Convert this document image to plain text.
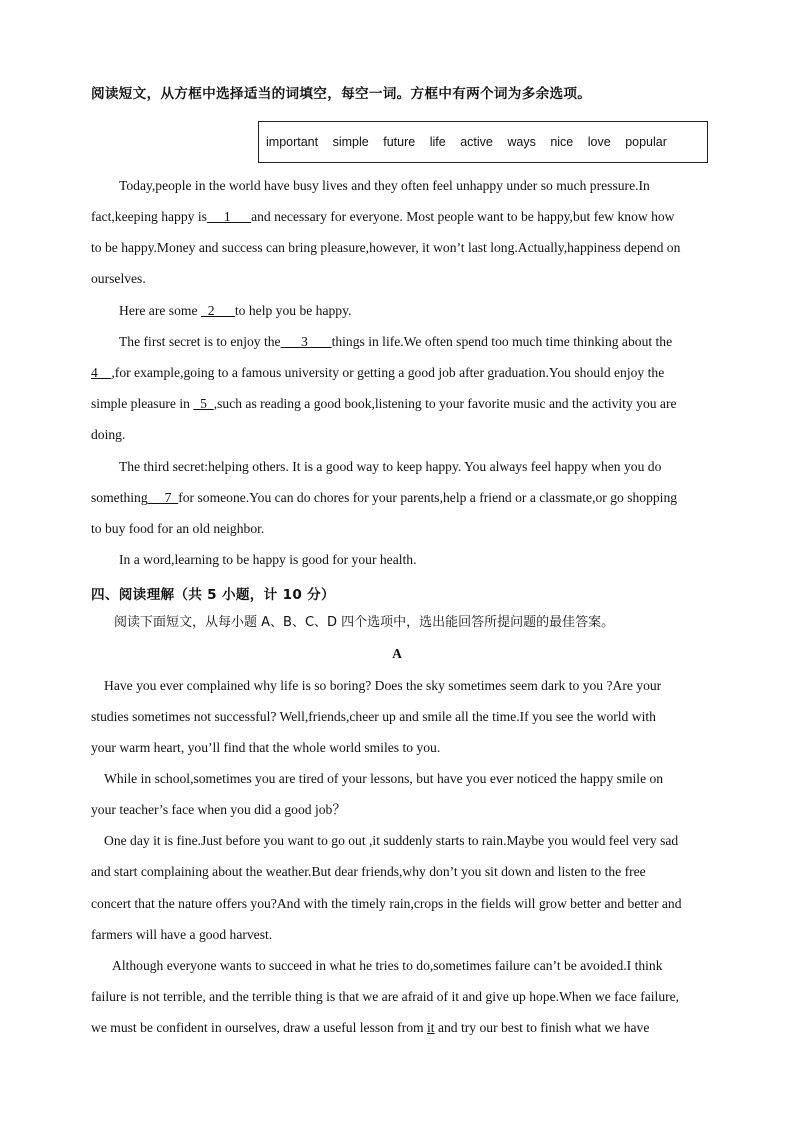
阅读短文，从方框中选择适当的词填空，每空一词。方框中有两个词为多余选项。
important simple future life active ways nice love popular
Today,people in the world have busy lives and they often feel unhappy under so much pressure.In
fact,keeping happy is     1      and necessary for everyone. Most people want to be happy,but few know how
to be happy.Money and success can bring pleasure,however, it won’t last long.Actually,happiness depend on
ourselves.
Here are some   2      to help you be happy.
The first secret is to enjoy the      3       things in life.We often spend too much time thinking about the
4    ,for example,going to a famous university or getting a good job after graduation.You should enjoy the
simple pleasure in   5  ,such as reading a good book,listening to your favorite music and the activity you are
doing.
The third secret:helping others. It is a good way to keep happy. You always feel happy when you do
something     7  for someone.You can do chores for your parents,help a friend or a classmate,or go shopping
to buy food for an old neighbor.
In a word,learning to be happy is good for your health.
四、阅读理解（共 5 小题，计 10 分）
阅读下面短文，从每小题 A、B、C、D 四个选项中，选出能回答所提问题的最佳答案。
A
Have you ever complained why life is so boring? Does the sky sometimes seem dark to you ?Are your
studies sometimes not successful? Well,friends,cheer up and smile all the time.If you see the world with
your warm heart, you’ll find that the whole world smiles to you.
While in school,sometimes you are tired of your lessons, but have you ever noticed the happy smile on
your teacher’s face when you did a good job？
One day it is fine.Just before you want to go out ,it suddenly starts to rain.Maybe you would feel very sad
and start complaining about the weather.But dear friends,why don’t you sit down and listen to the free
concert that the nature offers you?And with the timely rain,crops in the fields will grow better and better and
farmers will have a good harvest.
Although everyone wants to succeed in what he tries to do,sometimes failure can’t be avoided.I think
failure is not terrible, and the terrible thing is that we are afraid of it and give up hope.When we face failure,
we must be confident in ourselves, draw a useful lesson from it and try our best to finish what we have
